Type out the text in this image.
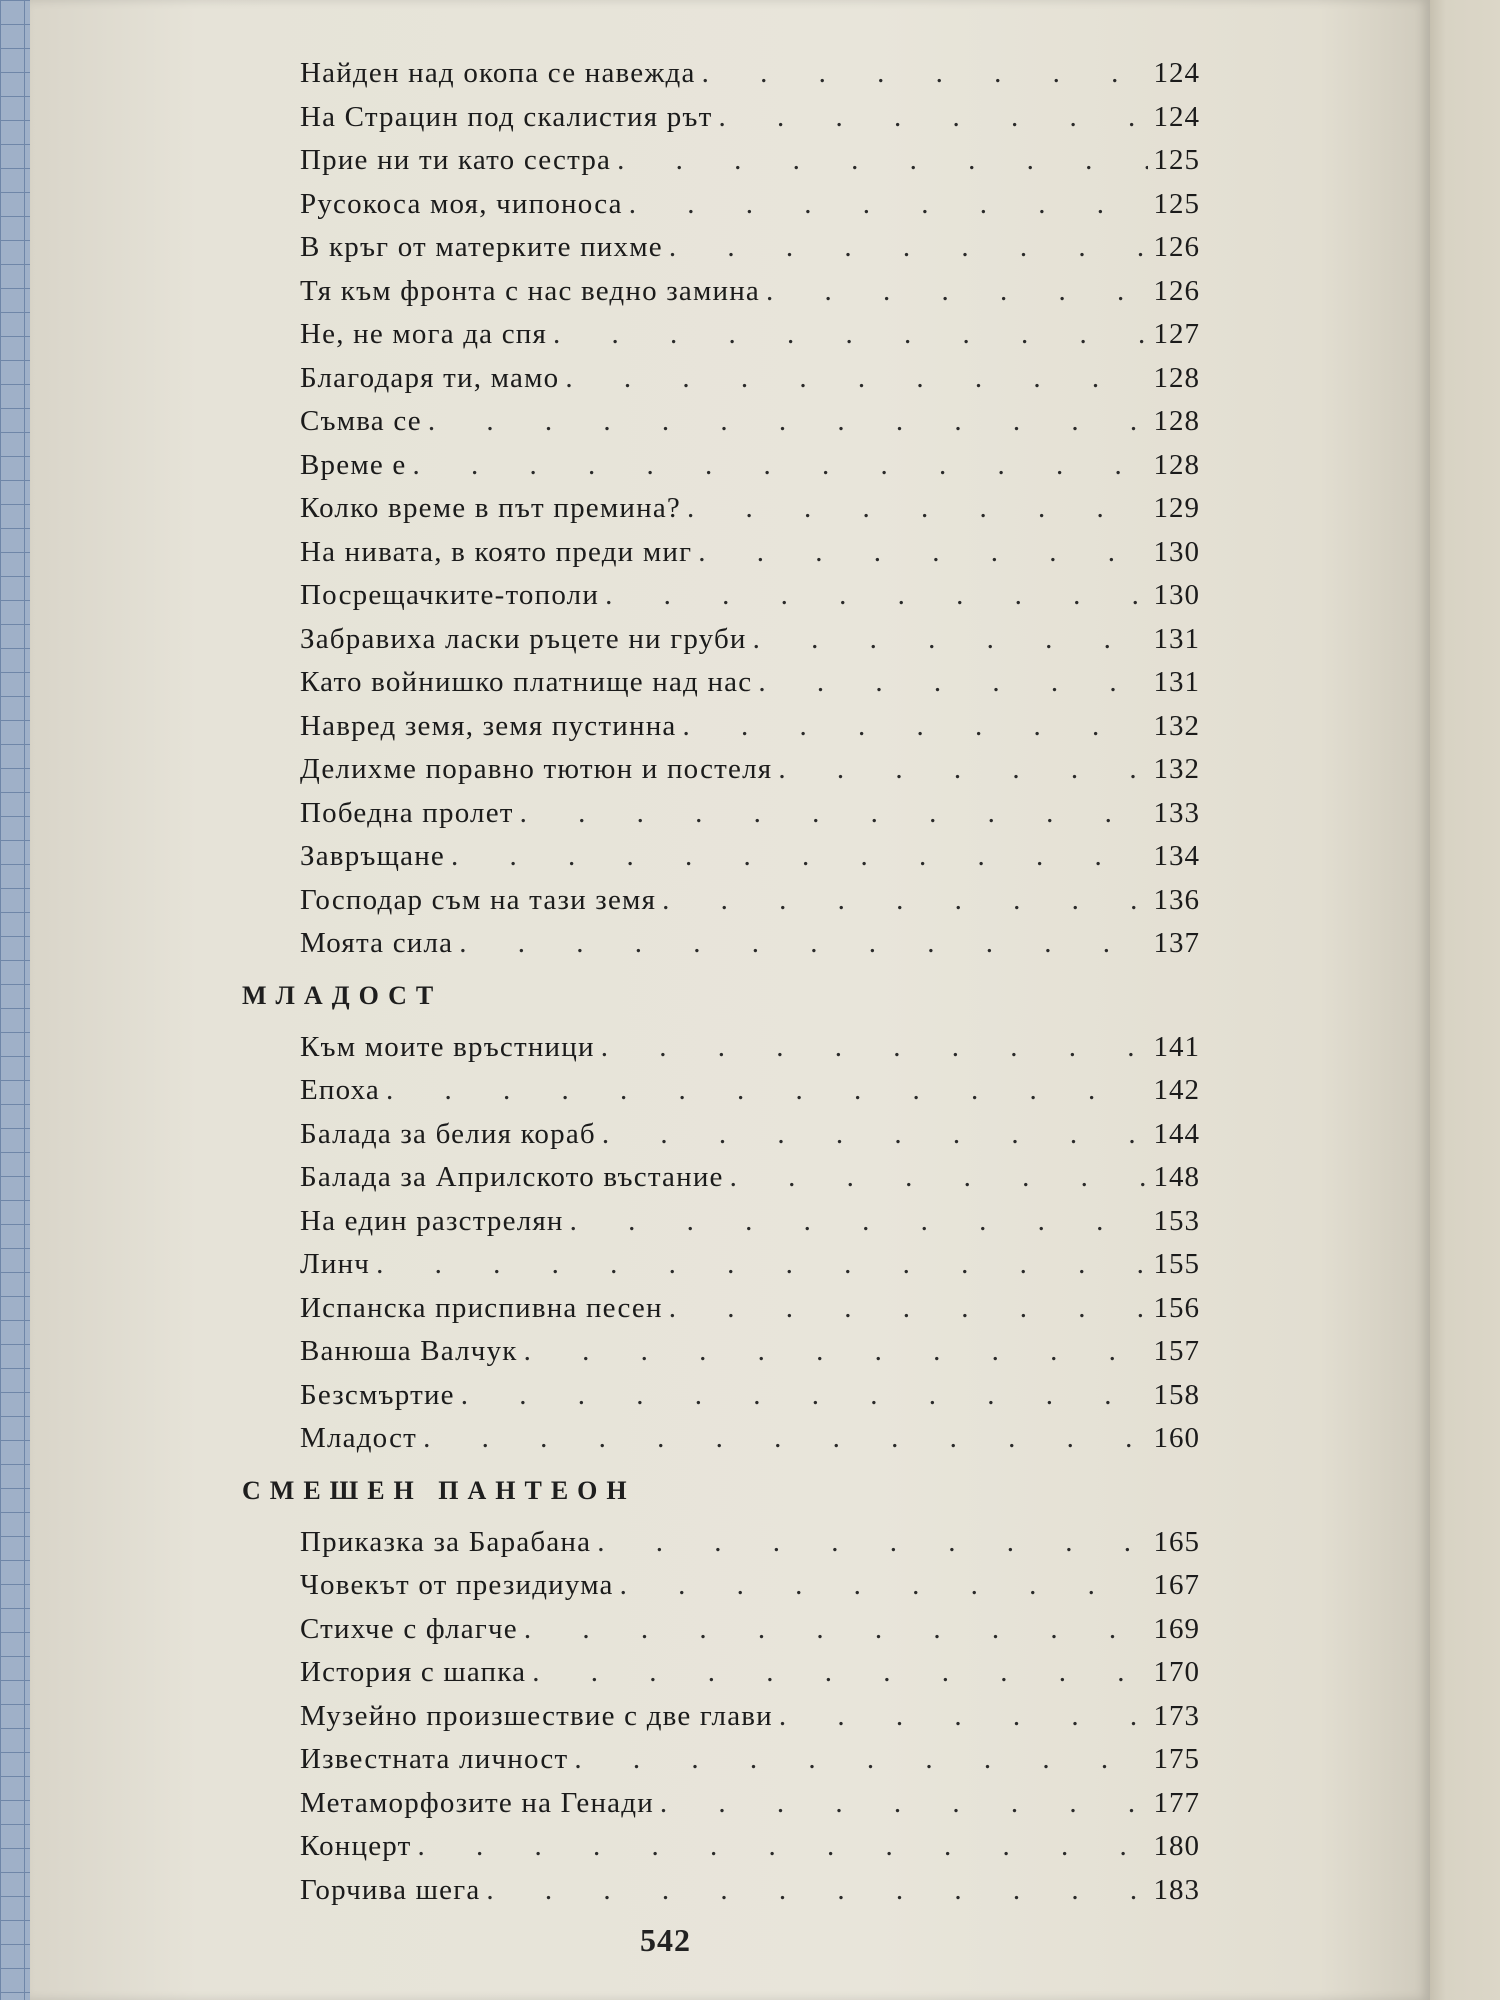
Найден над окопа се навежда . . .	124
На Страцин под скалистия рът . . .	124
Прие ни ти като сестра . . .	125
Русокоса моя, чипоноса . . .	125
В кръг от матерките пихме . . .	126
Тя към фронта с нас ведно замина . . .	126
Не, не мога да спя . . .	127
Благодаря ти, мамо . . .	128
Съмва се . . .	128
Време е . . .	128
Колко време в път премина? . . .	129
На нивата, в която преди миг . . .	130
Посрещачките-тополи . . .	130
Забравиха ласки ръцете ни груби . . .	131
Като войнишко платнище над нас . . .	131
Навред земя, земя пустинна . . .	132
Делихме поравно тютюн и постеля . . .	132
Победна пролет . . .	133
Завръщане . . .	134
Господар съм на тази земя . . .	136
Моята сила . . .	137
МЛАДОСТ
Към моите връстници . . .	141
Епоха . . .	142
Балада за белия кораб . . .	144
Балада за Априлското въстание . . .	148
На един разстрелян . . .	153
Линч . . .	155
Испанска приспивна песен . . .	156
Ванюша Валчук . . .	157
Безсмъртие . . .	158
Младост . . .	160
СМЕШЕН ПАНТЕОН
Приказка за Барабана . . .	165
Човекът от президиума . . .	167
Стихче с флагче . . .	169
История с шапка . . .	170
Музейно произшествие с две глави . . .	173
Известната личност . . .	175
Метаморфозите на Генади . . .	177
Концерт . . .	180
Горчива шега . . .	183
542
